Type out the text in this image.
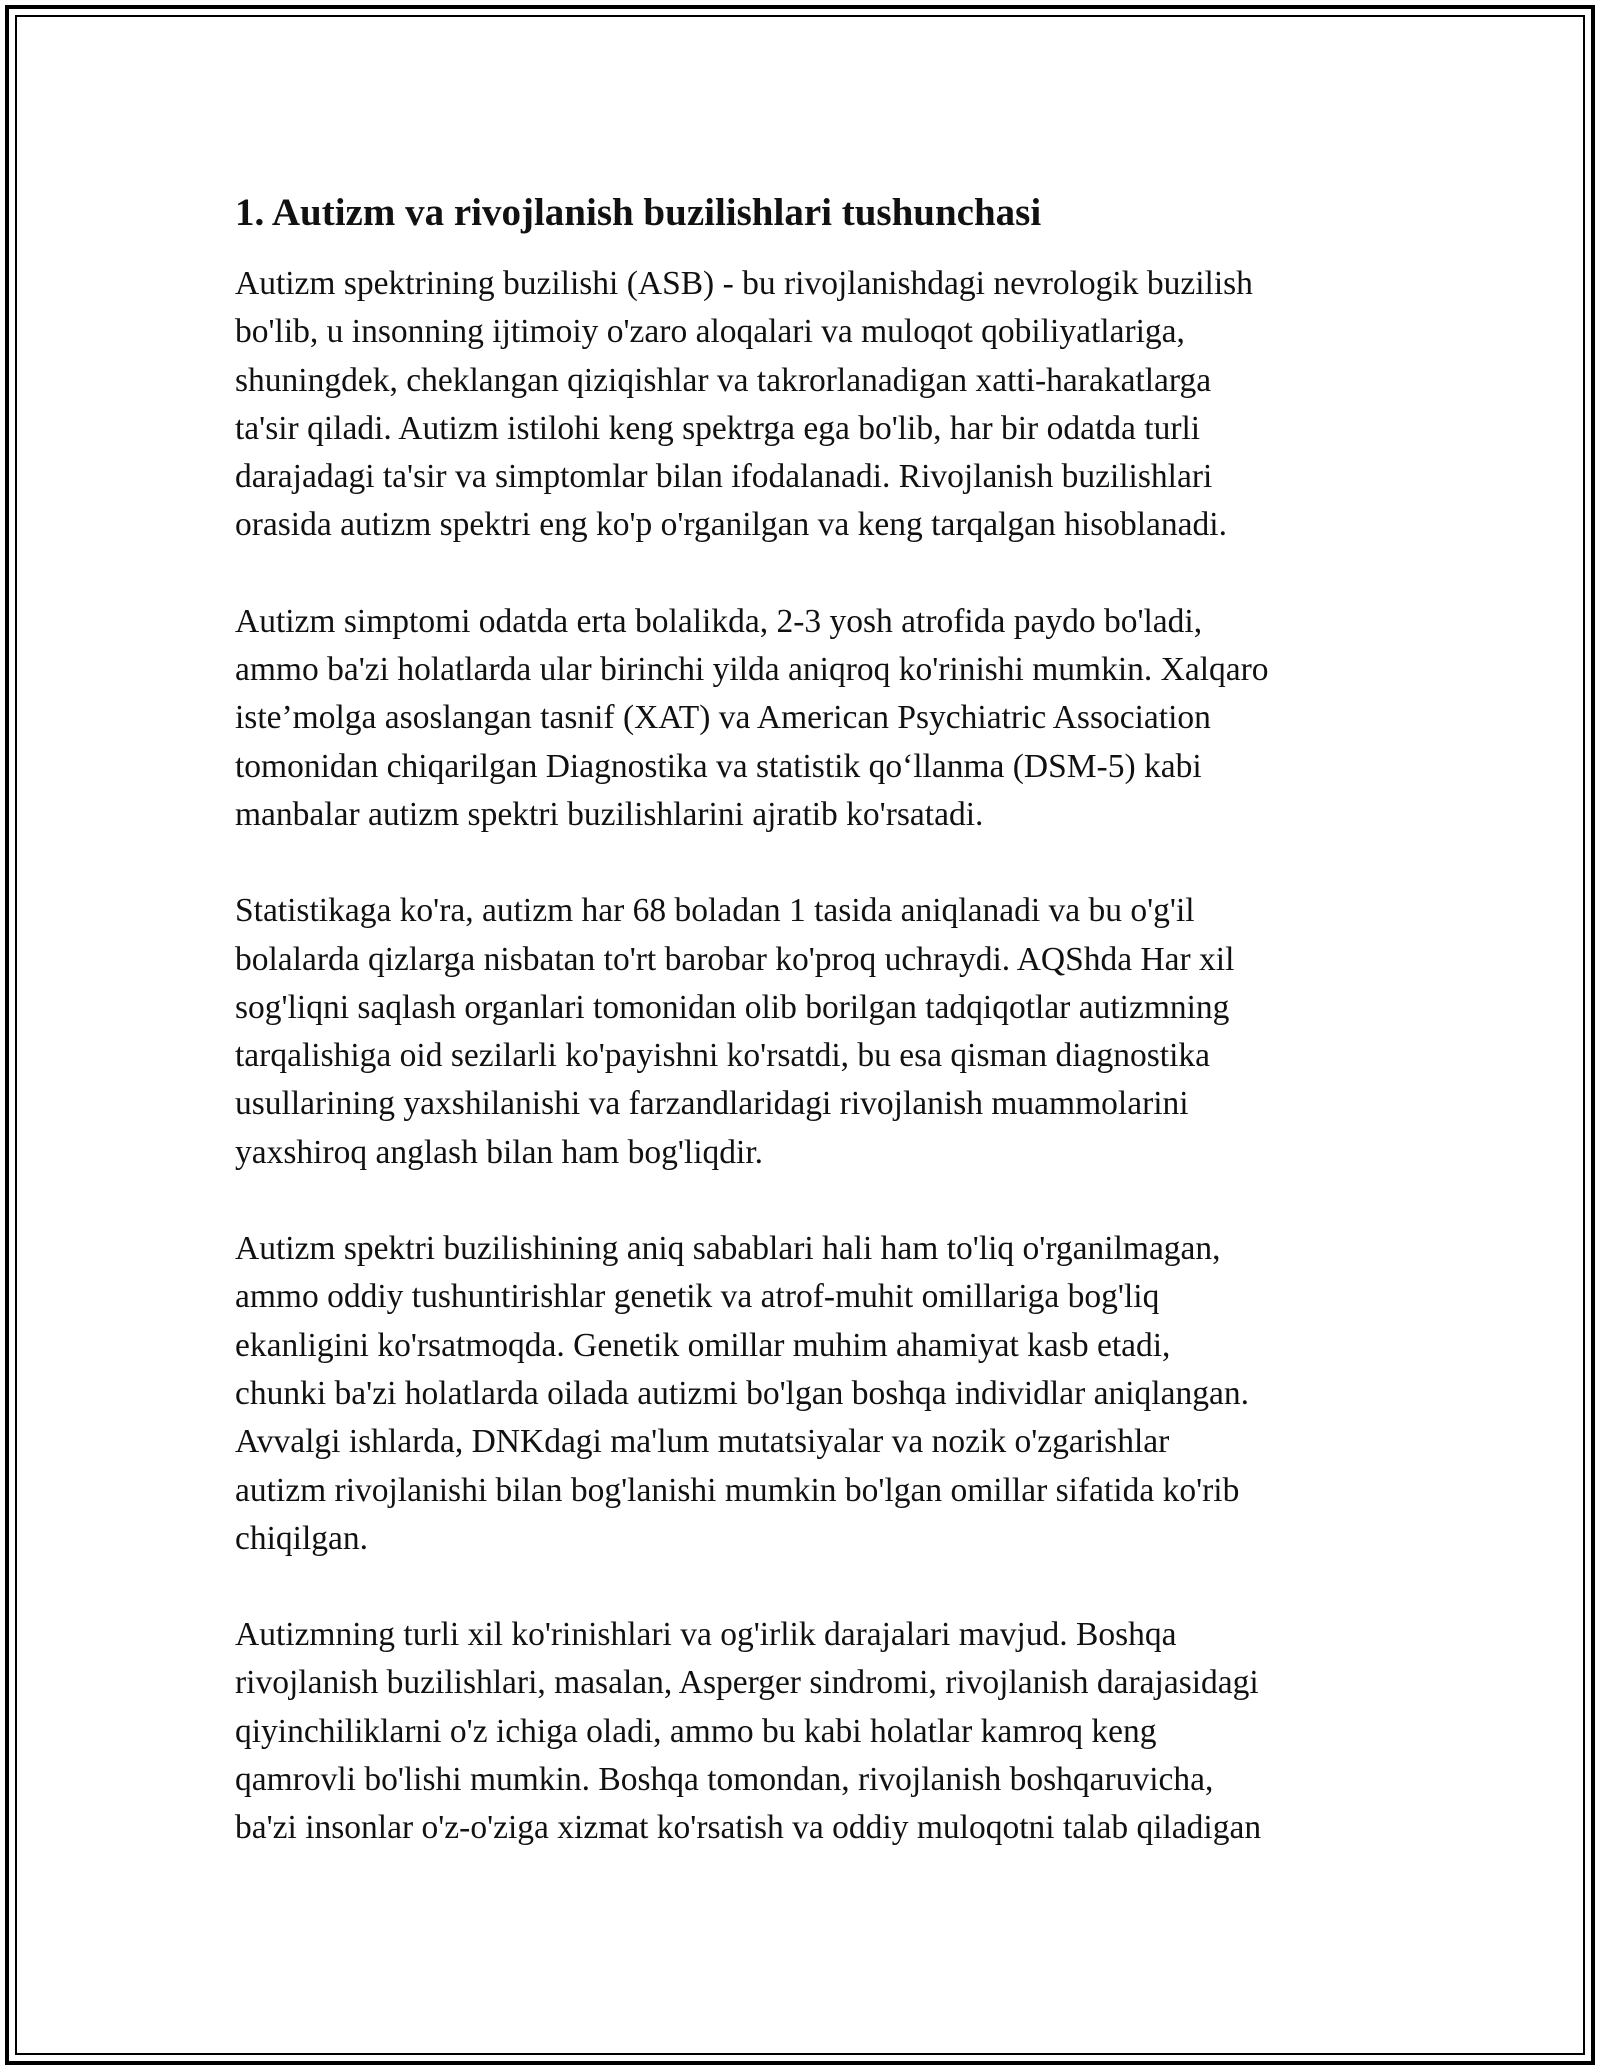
1. Autizm va rivojlanish buzilishlari tushunchasi

Autizm spektrining buzilishi (ASB) - bu rivojlanishdagi nevrologik buzilish
bo'lib, u insonning ijtimoiy o'zaro aloqalari va muloqot qobiliyatlariga,
shuningdek, cheklangan qiziqishlar va takrorlanadigan xatti-harakatlarga
ta'sir qiladi. Autizm istilohi keng spektrga ega bo'lib, har bir odatda turli
darajadagi ta'sir va simptomlar bilan ifodalanadi. Rivojlanish buzilishlari
orasida autizm spektri eng ko'p o'rganilgan va keng tarqalgan hisoblanadi.

Autizm simptomi odatda erta bolalikda, 2-3 yosh atrofida paydo bo'ladi,
ammo ba'zi holatlarda ular birinchi yilda aniqroq ko'rinishi mumkin. Xalqaro
iste’molga asoslangan tasnif (XAT) va American Psychiatric Association
tomonidan chiqarilgan Diagnostika va statistik qo‘llanma (DSM-5) kabi
manbalar autizm spektri buzilishlarini ajratib ko'rsatadi.

Statistikaga ko'ra, autizm har 68 boladan 1 tasida aniqlanadi va bu o'g'il
bolalarda qizlarga nisbatan to'rt barobar ko'proq uchraydi. AQShda Har xil
sog'liqni saqlash organlari tomonidan olib borilgan tadqiqotlar autizmning
tarqalishiga oid sezilarli ko'payishni ko'rsatdi, bu esa qisman diagnostika
usullarining yaxshilanishi va farzandlaridagi rivojlanish muammolarini
yaxshiroq anglash bilan ham bog'liqdir.

Autizm spektri buzilishining aniq sabablari hali ham to'liq o'rganilmagan,
ammo oddiy tushuntirishlar genetik va atrof-muhit omillariga bog'liq
ekanligini ko'rsatmoqda. Genetik omillar muhim ahamiyat kasb etadi,
chunki ba'zi holatlarda oilada autizmi bo'lgan boshqa individlar aniqlangan.
Avvalgi ishlarda, DNKdagi ma'lum mutatsiyalar va nozik o'zgarishlar
autizm rivojlanishi bilan bog'lanishi mumkin bo'lgan omillar sifatida ko'rib
chiqilgan.

Autizmning turli xil ko'rinishlari va og'irlik darajalari mavjud. Boshqa
rivojlanish buzilishlari, masalan, Asperger sindromi, rivojlanish darajasidagi
qiyinchiliklarni o'z ichiga oladi, ammo bu kabi holatlar kamroq keng
qamrovli bo'lishi mumkin. Boshqa tomondan, rivojlanish boshqaruvicha,
ba'zi insonlar o'z-o'ziga xizmat ko'rsatish va oddiy muloqotni talab qiladigan
